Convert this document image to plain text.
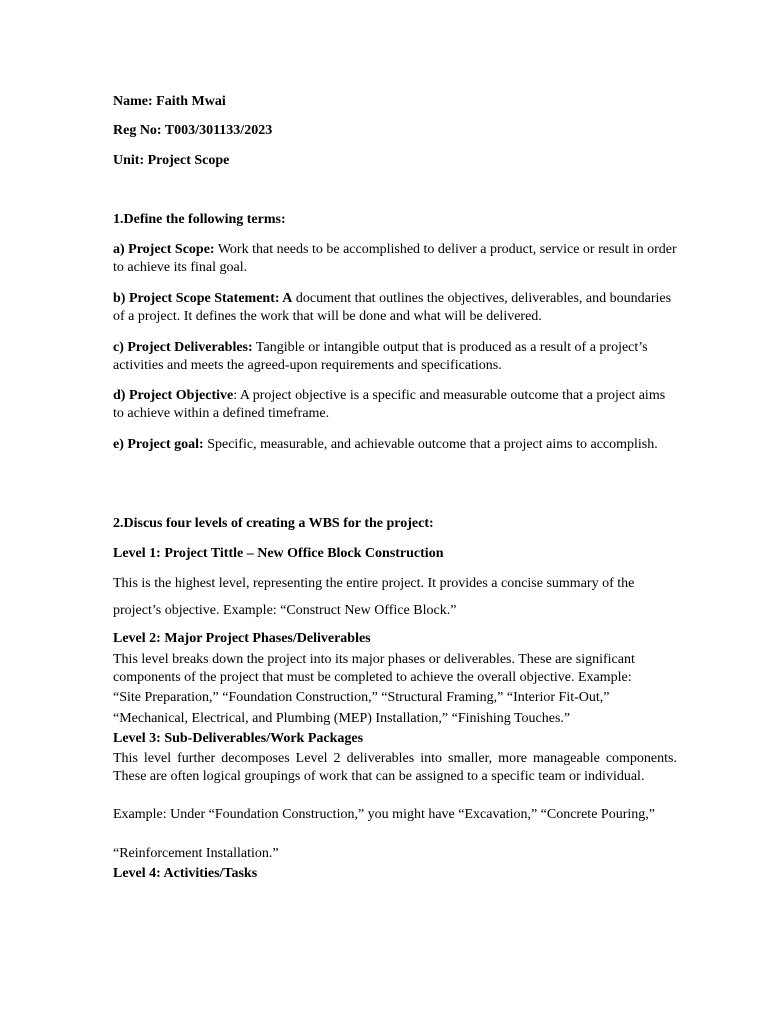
Name: Faith Mwai

Reg No: T003/301133/2023

Unit: Project Scope

1.Define the following terms:

a) Project Scope: Work that needs to be accomplished to deliver a product, service or result in order to achieve its final goal.

b) Project Scope Statement: A document that outlines the objectives, deliverables, and boundaries of a project. It defines the work that will be done and what will be delivered.

c) Project Deliverables: Tangible or intangible output that is produced as a result of a project’s activities and meets the agreed-upon requirements and specifications.

d) Project Objective: A project objective is a specific and measurable outcome that a project aims to achieve within a defined timeframe.

e) Project goal: Specific, measurable, and achievable outcome that a project aims to accomplish.

2.Discus four levels of creating a WBS for the project:

Level 1: Project Tittle – New Office Block Construction

This is the highest level, representing the entire project. It provides a concise summary of the project’s objective. Example: “Construct New Office Block.”

Level 2: Major Project Phases/Deliverables

This level breaks down the project into its major phases or deliverables. These are significant components of the project that must be completed to achieve the overall objective. Example:

“Site Preparation,” “Foundation Construction,” “Structural Framing,” “Interior Fit-Out,”

“Mechanical, Electrical, and Plumbing (MEP) Installation,” “Finishing Touches.”

Level 3: Sub-Deliverables/Work Packages

This level further decomposes Level 2 deliverables into smaller, more manageable components. These are often logical groupings of work that can be assigned to a specific team or individual.

Example: Under “Foundation Construction,” you might have “Excavation,” “Concrete Pouring,”

“Reinforcement Installation.”

Level 4: Activities/Tasks
